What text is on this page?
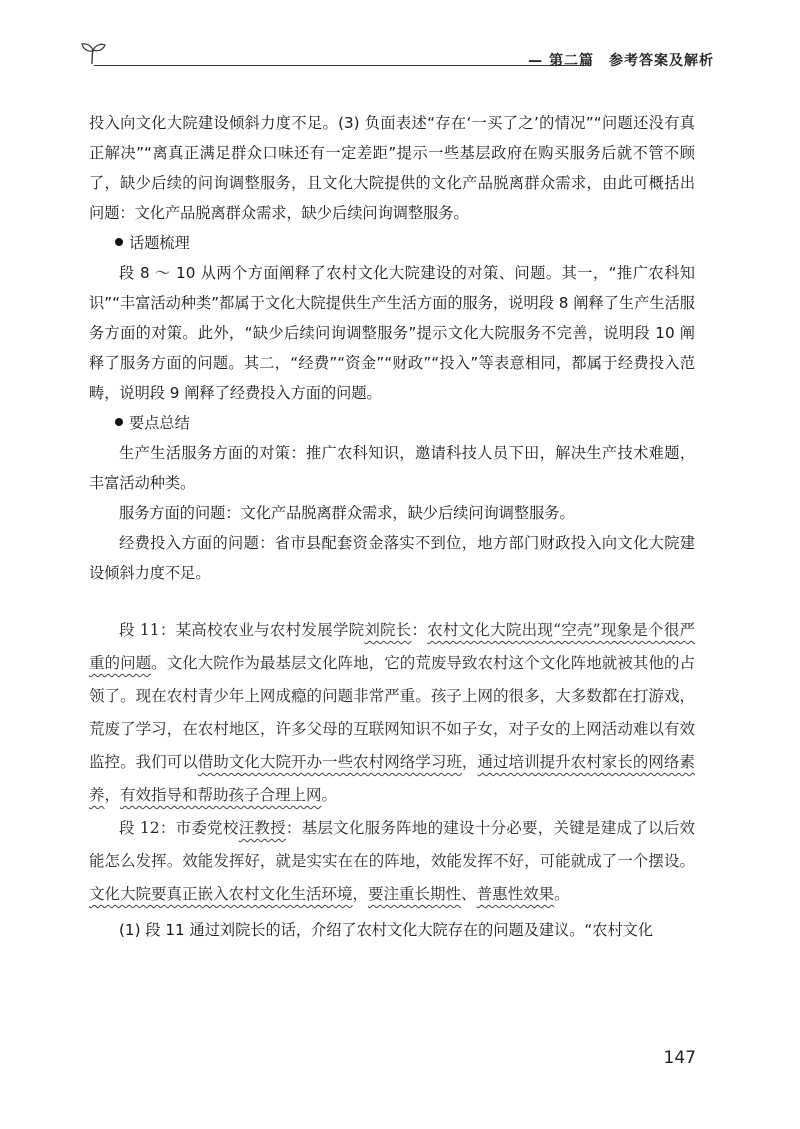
— 第二篇　参考答案及解析

投入向文化大院建设倾斜力度不足。(3) 负面表述“存在‘一买了之’的情况”“问题还没有真正解决”“离真正满足群众口味还有一定差距”提示一些基层政府在购买服务后就不管不顾了，缺少后续的问询调整服务，且文化大院提供的文化产品脱离群众需求，由此可概括出问题：文化产品脱离群众需求，缺少后续问询调整服务。

话题梳理

段 8 ～ 10 从两个方面阐释了农村文化大院建设的对策、问题。其一，“推广农科知识”“丰富活动种类”都属于文化大院提供生产生活方面的服务，说明段 8 阐释了生产生活服务方面的对策。此外，“缺少后续问询调整服务”提示文化大院服务不完善，说明段 10 阐释了服务方面的问题。其二，“经费”“资金”“财政”“投入”等表意相同，都属于经费投入范畴，说明段 9 阐释了经费投入方面的问题。

要点总结

生产生活服务方面的对策：推广农科知识，邀请科技人员下田，解决生产技术难题，丰富活动种类。

服务方面的问题：文化产品脱离群众需求，缺少后续问询调整服务。

经费投入方面的问题：省市县配套资金落实不到位，地方部门财政投入向文化大院建设倾斜力度不足。

段 11：某高校农业与农村发展学院刘院长：农村文化大院出现“空壳”现象是个很严重的问题。文化大院作为最基层文化阵地，它的荒废导致农村这个文化阵地就被其他的占领了。现在农村青少年上网成瘾的问题非常严重。孩子上网的很多，大多数都在打游戏，荒废了学习，在农村地区，许多父母的互联网知识不如子女，对子女的上网活动难以有效监控。我们可以借助文化大院开办一些农村网络学习班，通过培训提升农村家长的网络素养，有效指导和帮助孩子合理上网。

段 12：市委党校汪教授：基层文化服务阵地的建设十分必要，关键是建成了以后效能怎么发挥。效能发挥好，就是实实在在的阵地，效能发挥不好，可能就成了一个摆设。文化大院要真正嵌入农村文化生活环境，要注重长期性、普惠性效果。

(1) 段 11 通过刘院长的话，介绍了农村文化大院存在的问题及建议。“农村文化

147
